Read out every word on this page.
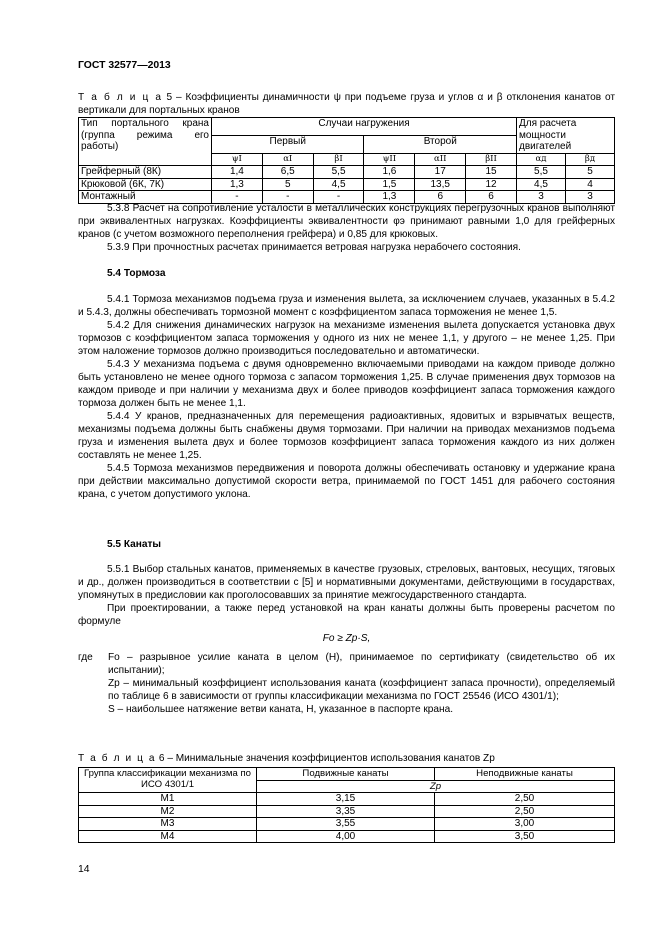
ГОСТ 32577—2013

Т а б л и ц а 5 – Коэффициенты динамичности ψ при подъеме груза и углов α и β отклонения канатов от вертикали для портальных кранов

Тип портального крана (группа режима его работы)	Случаи нагружения						Для расчета мощности двигателей	
	Первый			Второй				
	ψI	αI	βI	ψII	αII	βII	αд	βд
Грейферный (8К)	1,4	6,5	5,5	1,6	17	15	5,5	5
Крюковой (6К, 7К)	1,3	5	4,5	1,5	13,5	12	4,5	4
Монтажный	-	-	-	1,3	6	6	3	3

5.3.8 Расчет на сопротивление усталости в металлических конструкциях перегрузочных кранов выполняют при эквивалентных нагрузках. Коэффициенты эквивалентности φэ принимают равными 1,0 для грейферных кранов (с учетом возможного переполнения грейфера) и 0,85 для крюковых.

5.3.9 При прочностных расчетах принимается ветровая нагрузка нерабочего состояния.

5.4 Тормоза

5.4.1 Тормоза механизмов подъема груза и изменения вылета, за исключением случаев, указанных в 5.4.2 и 5.4.3, должны обеспечивать тормозной момент с коэффициентом запаса торможения не менее 1,5.

5.4.2 Для снижения динамических нагрузок на механизме изменения вылета допускается установка двух тормозов с коэффициентом запаса торможения у одного из них не менее 1,1, у другого – не менее 1,25. При этом наложение тормозов должно производиться последовательно и автоматически.

5.4.3 У механизма подъема с двумя одновременно включаемыми приводами на каждом приводе должно быть установлено не менее одного тормоза с запасом торможения 1,25. В случае применения двух тормозов на каждом приводе и при наличии у механизма двух и более приводов коэффициент запаса торможения каждого тормоза должен быть не менее 1,1.

5.4.4 У кранов, предназначенных для перемещения радиоактивных, ядовитых и взрывчатых веществ, механизмы подъема должны быть снабжены двумя тормозами. При наличии на приводах механизмов подъема груза и изменения вылета двух и более тормозов коэффициент запаса торможения каждого из них должен составлять не менее 1,25.

5.4.5 Тормоза механизмов передвижения и поворота должны обеспечивать остановку и удержание крана при действии максимально допустимой скорости ветра, принимаемой по ГОСТ 1451 для рабочего состояния крана, с учетом допустимого уклона.

5.5 Канаты

5.5.1 Выбор стальных канатов, применяемых в качестве грузовых, стреловых, вантовых, несущих, тяговых и др., должен производиться в соответствии с [5] и нормативными документами, действующими в государствах, упомянутых в предисловии как проголосовавших за принятие межгосударственного стандарта.

При проектировании, а также перед установкой на кран канаты должны быть проверены расчетом по формуле

Fо ≥ Zp·S,

где Fо – разрывное усилие каната в целом (Н), принимаемое по сертификату (свидетельство об их испытании);

Zp – минимальный коэффициент использования каната (коэффициент запаса прочности), определяемый по таблице 6 в зависимости от группы классификации механизма по ГОСТ 25546 (ИСО 4301/1);

S – наибольшее натяжение ветви каната, Н, указанное в паспорте крана.

Т а б л и ц а 6 – Минимальные значения коэффициентов использования канатов Zp

Группа классификации механизма по ИСО 4301/1	Подвижные канаты	Неподвижные канаты
	Zp	
М1	3,15	2,50
М2	3,35	2,50
М3	3,55	3,00
М4	4,00	3,50
14
